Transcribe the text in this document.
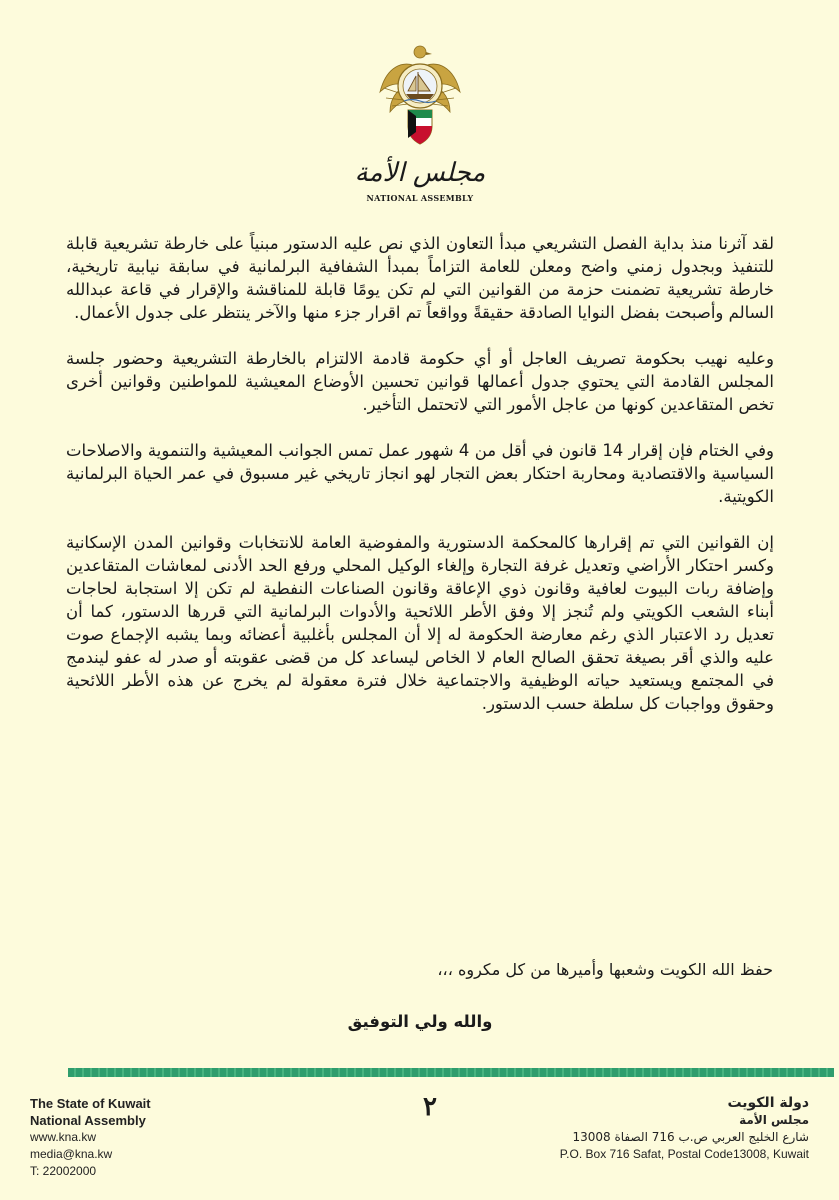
مجلس الأمة
NATIONAL ASSEMBLY

لقد آثرنا منذ بداية الفصل التشريعي مبدأ التعاون الذي نص عليه الدستور مبنياً على خارطة تشريعية قابلة للتنفيذ وبجدول زمني واضح ومعلن للعامة التزاماً بمبدأ الشفافية البرلمانية في سابقة نيابية تاريخية، خارطة تشريعية تضمنت حزمة من القوانين التي لم تكن يومًا قابلة للمناقشة والإقرار في قاعة عبدالله السالم وأصبحت بفضل النوايا الصادقة حقيقةً وواقعاً تم اقرار جزء منها والآخر ينتظر على جدول الأعمال.

وعليه نهيب بحكومة تصريف العاجل أو أي حكومة قادمة الالتزام بالخارطة التشريعية وحضور جلسة المجلس القادمة التي يحتوي جدول أعمالها قوانين تحسين الأوضاع المعيشية للمواطنين وقوانين أخرى تخص المتقاعدين كونها من عاجل الأمور التي لاتحتمل التأخير.

وفي الختام فإن إقرار 14 قانون في أقل من 4 شهور عمل تمس الجوانب المعيشية والتنموية والاصلاحات السياسية والاقتصادية ومحاربة احتكار بعض التجار لهو انجاز تاريخي غير مسبوق في عمر الحياة البرلمانية الكويتية.

إن القوانين التي تم إقرارها كالمحكمة الدستورية والمفوضية العامة للانتخابات وقوانين المدن الإسكانية وكسر احتكار الأراضي وتعديل غرفة التجارة وإلغاء الوكيل المحلي ورفع الحد الأدنى لمعاشات المتقاعدين وإضافة ربات البيوت لعافية وقانون ذوي الإعاقة وقانون الصناعات النفطية لم تكن إلا استجابة لحاجات أبناء الشعب الكويتي ولم تُنجز إلا وفق الأطر اللائحية والأدوات البرلمانية التي قررها الدستور، كما أن تعديل رد الاعتبار الذي رغم معارضة الحكومة له إلا أن المجلس بأغلبية أعضائه وبما يشبه الإجماع صوت عليه والذي أقر بصيغة تحقق الصالح العام لا الخاص ليساعد كل من قضى عقوبته أو صدر له عفو ليندمج في المجتمع ويستعيد حياته الوظيفية والاجتماعية خلال فترة معقولة لم يخرج عن هذه الأطر اللائحية وحقوق وواجبات كل سلطة حسب الدستور.

حفظ الله الكويت وشعبها وأميرها من كل مكروه ،،،
والله ولي التوفيق
The State of Kuwait
National Assembly
www.kna.kw
media@kna.kw
T: 22002000
٢	دولة الكويت
مجلس الأمة
شارع الخليج العربي ص.ب 716 الصفاة 13008
P.O. Box 716 Safat, Postal Code13008, Kuwait
